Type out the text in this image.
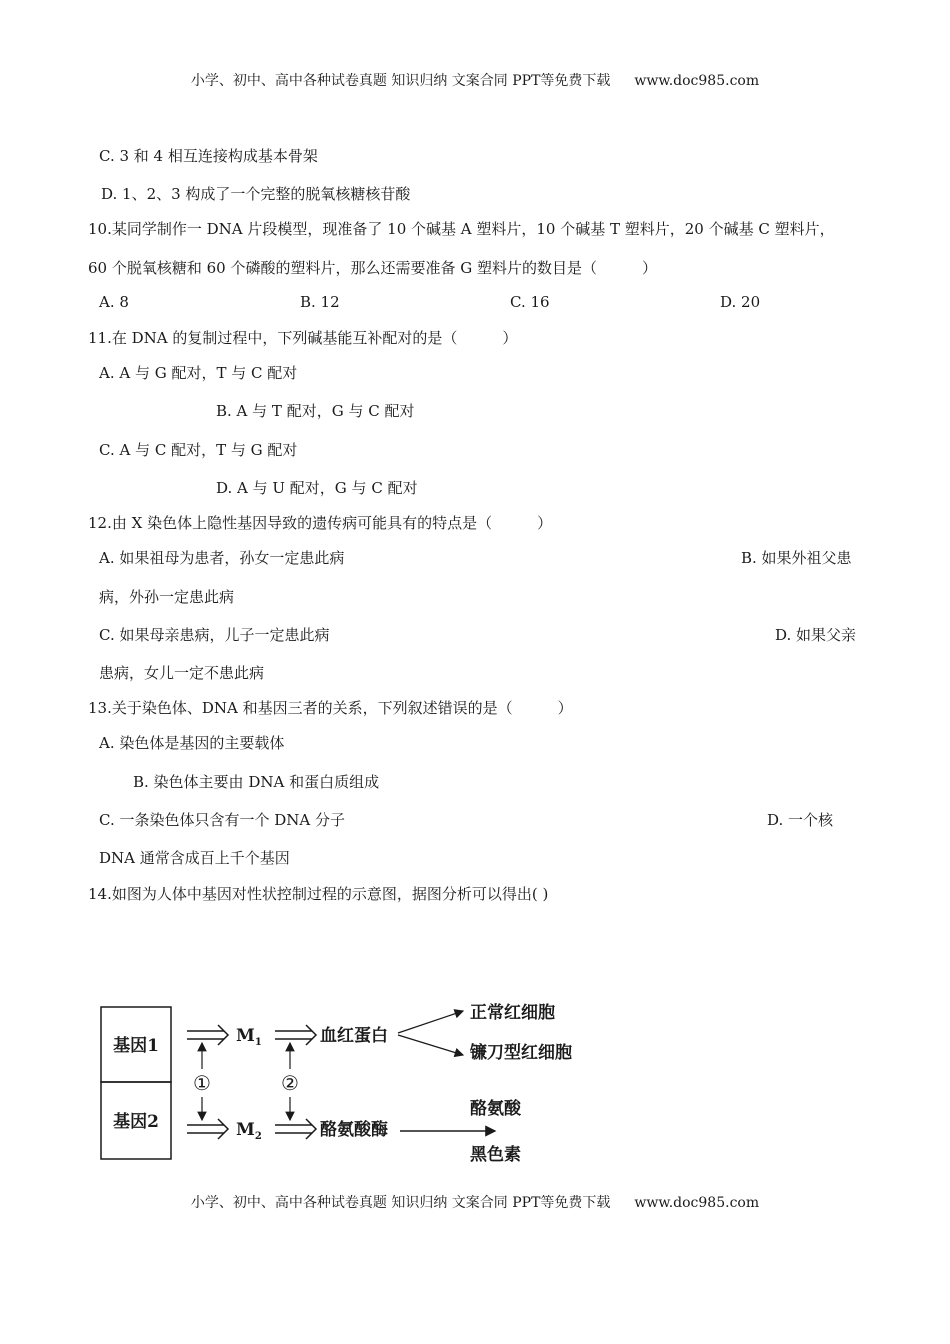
小学、初中、高中各种试卷真题 知识归纳 文案合同 PPT等免费下载 www.doc985.com
C. 3 和 4 相互连接构成基本骨架
D. 1、2、3 构成了一个完整的脱氧核糖核苷酸
10.某同学制作一 DNA 片段模型，现准备了 10 个碱基 A 塑料片，10 个碱基 T 塑料片，20 个碱基 C 塑料片，
60 个脱氧核糖和 60 个磷酸的塑料片，那么还需要准备 G 塑料片的数目是（　　　）
A. 8	B. 12	C. 16	D. 20
11.在 DNA 的复制过程中，下列碱基能互补配对的是（　　　）
A. A 与 G 配对，T 与 C 配对
B. A 与 T 配对，G 与 C 配对
C. A 与 C 配对，T 与 G 配对
D. A 与 U 配对，G 与 C 配对
12.由 X 染色体上隐性基因导致的遗传病可能具有的特点是（　　　）
A. 如果祖母为患者，孙女一定患此病	B. 如果外祖父患
病，外孙一定患此病
C. 如果母亲患病，儿子一定患此病	D. 如果父亲
患病，女儿一定不患此病
13.关于染色体、DNA 和基因三者的关系，下列叙述错误的是（　　　）
A. 染色体是基因的主要载体
B. 染色体主要由 DNA 和蛋白质组成
C. 一条染色体只含有一个 DNA 分子	D. 一个核
DNA 通常含成百上千个基因
14.如图为人体中基因对性状控制过程的示意图，据图分析可以得出( )
基因1
基因2
$M_1$
$M_2$
血红蛋白
酪氨酸酶
正常红细胞
镰刀型红细胞
酪氨酸
黑色素
①	②
小学、初中、高中各种试卷真题 知识归纳 文案合同 PPT等免费下载 www.doc985.com
